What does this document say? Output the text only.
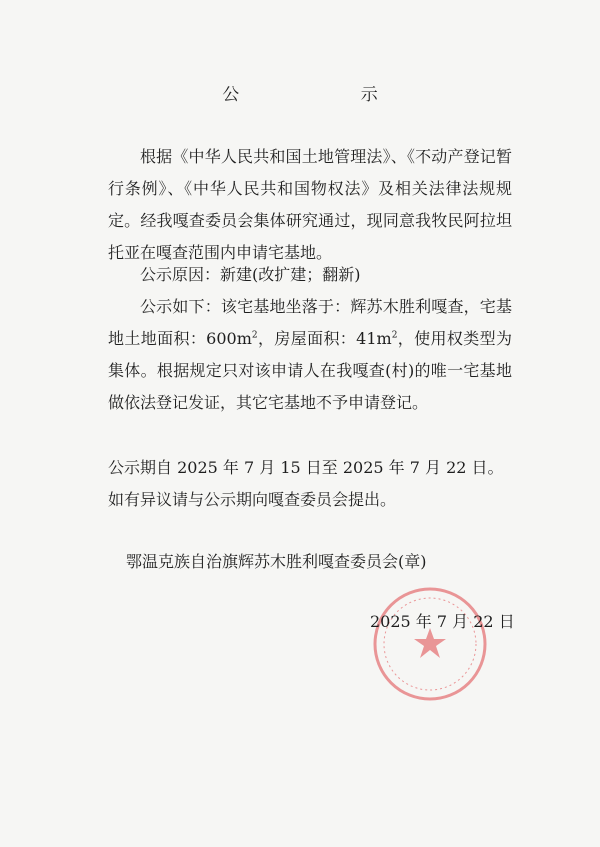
公 示

根据《中华人民共和国土地管理法》、《不动产登记暂行条例》、《中华人民共和国物权法》及相关法律法规规定。经我嘎查委员会集体研究通过，现同意我牧民阿拉坦托亚在嘎查范围内申请宅基地。

公示原因：新建(改扩建；翻新)

公示如下：该宅基地坐落于：辉苏木胜利嘎查，宅基地土地面积：$600m^2$，房屋面积：$41m^2$，使用权类型为集体。根据规定只对该申请人在我嘎查(村)的唯一宅基地做依法登记发证，其它宅基地不予申请登记。

公示期自 2025 年 7 月 15 日至 2025 年 7 月 22 日。

如有异议请与公示期向嘎查委员会提出。

鄂温克族自治旗辉苏木胜利嘎查委员会(章)
2025 年 7 月 22 日
